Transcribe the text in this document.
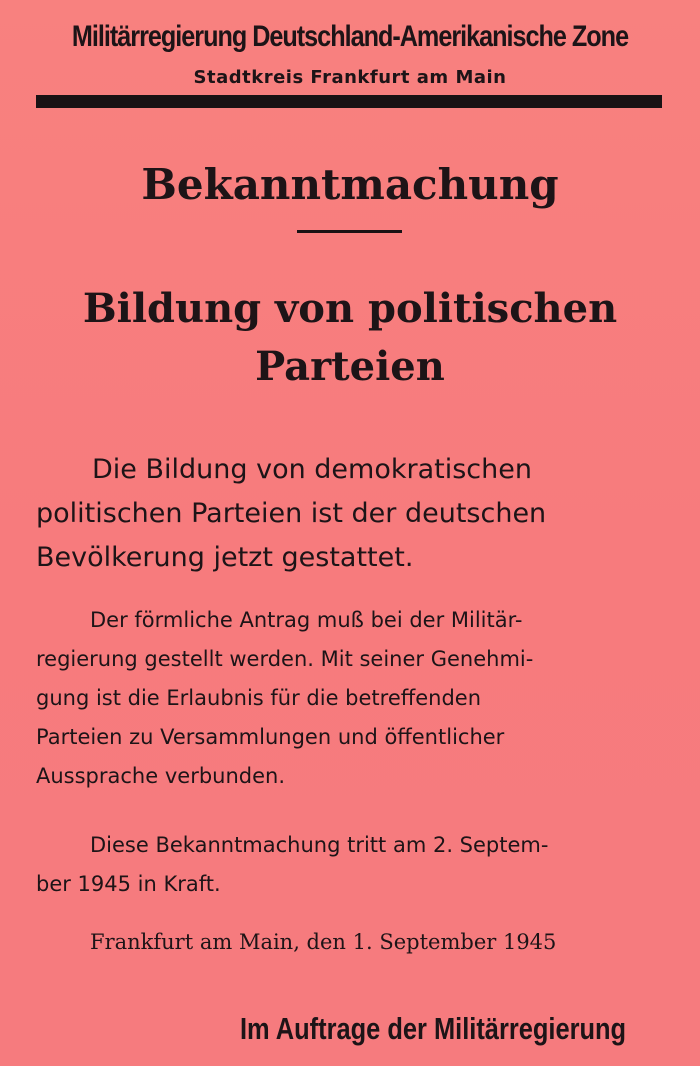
Militärregierung Deutschland-Amerikanische Zone
Stadtkreis Frankfurt am Main
Bekanntmachung
Bildung von politischen
Parteien
Die Bildung von demokratischen
politischen Parteien ist der deutschen
Bevölkerung jetzt gestattet.
Der förmliche Antrag muß bei der Militär-
regierung gestellt werden. Mit seiner Genehmi-
gung ist die Erlaubnis für die betreffenden
Parteien zu Versammlungen und öffentlicher
Aussprache verbunden.
Diese Bekanntmachung tritt am 2. Septem-
ber 1945 in Kraft.
Frankfurt am Main, den 1. September 1945
Im Auftrage der Militärregierung
